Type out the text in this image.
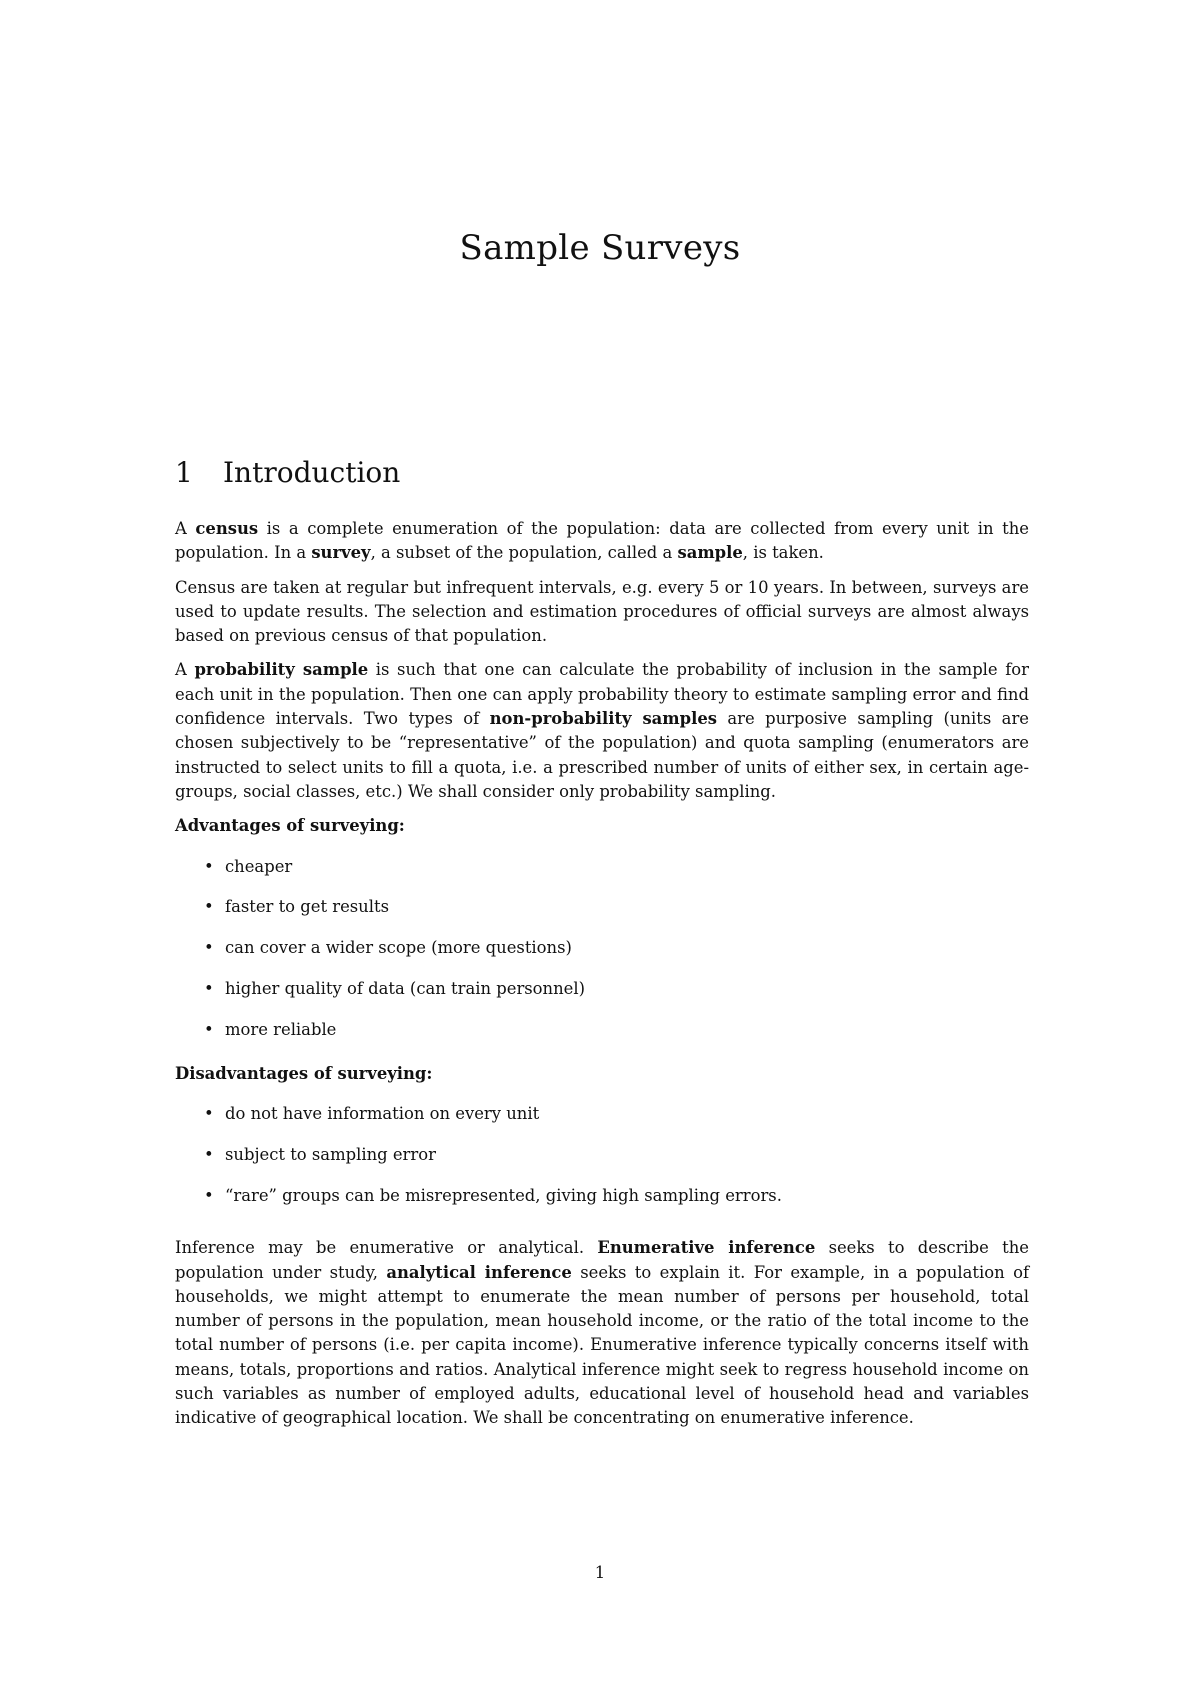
Sample Surveys
1 Introduction

A census is a complete enumeration of the population: data are collected from every unit in the population. In a survey, a subset of the population, called a sample, is taken.

Census are taken at regular but infrequent intervals, e.g. every 5 or 10 years. In between, surveys are used to update results. The selection and estimation procedures of official surveys are almost always based on previous census of that population.

A probability sample is such that one can calculate the probability of inclusion in the sample for each unit in the population. Then one can apply probability theory to estimate sampling error and find confidence intervals. Two types of non-probability samples are purposive sampling (units are chosen subjectively to be “representative” of the population) and quota sampling (enumerators are instructed to select units to fill a quota, i.e. a prescribed number of units of either sex, in certain age-groups, social classes, etc.) We shall consider only probability sampling.

Advantages of surveying:
• cheaper
• faster to get results
• can cover a wider scope (more questions)
• higher quality of data (can train personnel)
• more reliable
Disadvantages of surveying:
• do not have information on every unit
• subject to sampling error
• “rare” groups can be misrepresented, giving high sampling errors.

Inference may be enumerative or analytical. Enumerative inference seeks to describe the population under study, analytical inference seeks to explain it. For example, in a population of households, we might attempt to enumerate the mean number of persons per household, total number of persons in the population, mean household income, or the ratio of the total income to the total number of persons (i.e. per capita income). Enumerative inference typically concerns itself with means, totals, proportions and ratios. Analytical inference might seek to regress household income on such variables as number of employed adults, educational level of household head and variables indicative of geographical location. We shall be concentrating on enumerative inference.

1
